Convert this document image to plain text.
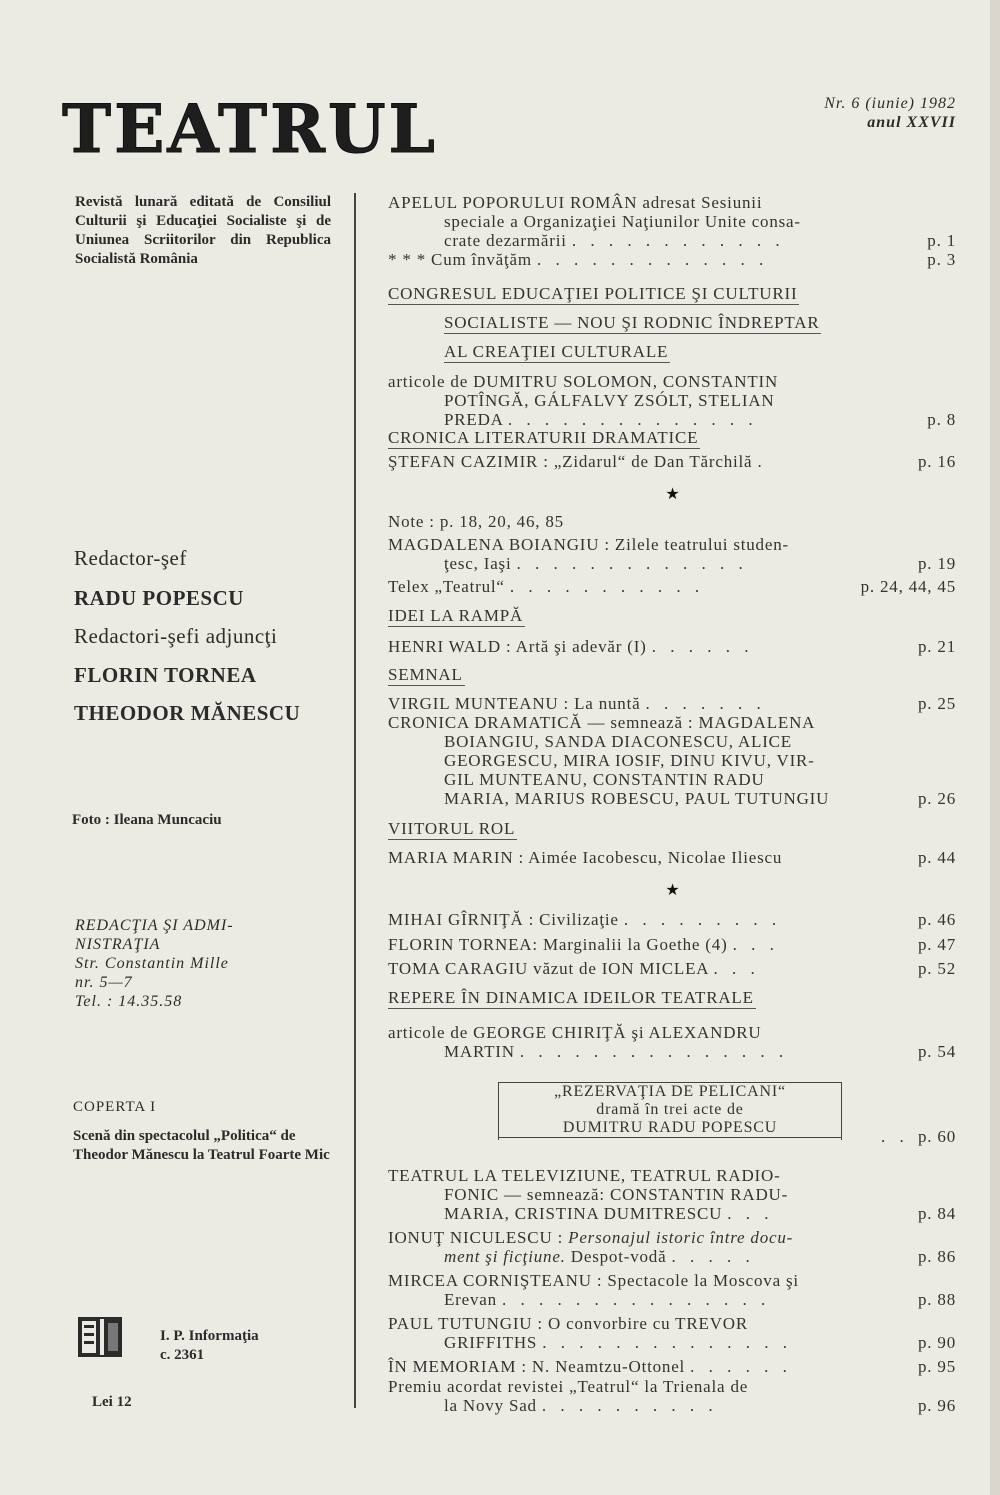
TEATRUL	Nr. 6 (iunie) 1982
anul XXVII
Revistă lunară editată de Consiliul Culturii şi Educaţiei Socialiste şi de Uniunea Scriitorilor din Republica Socialistă România
Redactor-şef
RADU POPESCU
Redactori-şefi adjuncţi
FLORIN TORNEA
THEODOR MĂNESCU
Foto : Ileana Muncaciu
REDACŢIA ŞI ADMI-
NISTRAŢIA
Str. Constantin Mille
nr. 5—7
Tel. : 14.35.58
COPERTA I
Scenă din spectacolul „Politica“ de Theodor Mănescu la Teatrul Foarte Mic
I. P. Informaţia
c. 2361
Lei 12
APELUL POPORULUI ROMÂN adresat Sesiunii
speciale a Organizaţiei Naţiunilor Unite consa-
crate dezarmării . . . . . . . . . . . .	p. 1
* * * Cum învăţăm . . . . . . . . . . . . .	p. 3
CONGRESUL EDUCAŢIEI POLITICE ŞI CULTURII
SOCIALISTE — NOU ŞI RODNIC ÎNDREPTAR
AL CREAŢIEI CULTURALE
articole de DUMITRU SOLOMON, CONSTANTIN
POTÎNGĂ, GÁLFALVY ZSÓLT, STELIAN
PREDA . . . . . . . . . . . . . .	p. 8
CRONICA LITERATURII DRAMATICE
ŞTEFAN CAZIMIR : „Zidarul“ de Dan Tărchilă .	p. 16
★
Note : p. 18, 20, 46, 85
MAGDALENA BOIANGIU : Zilele teatrului studen-
ţesc, Iaşi . . . . . . . . . . . . .	p. 19
Telex „Teatrul“ . . . . . . . . . . .	p. 24, 44, 45
IDEI LA RAMPĂ
HENRI WALD : Artă şi adevăr (I) . . . . . .	p. 21
SEMNAL
VIRGIL MUNTEANU : La nuntă . . . . . . .	p. 25
CRONICA DRAMATICĂ — semnează : MAGDALENA
BOIANGIU, SANDA DIACONESCU, ALICE
GEORGESCU, MIRA IOSIF, DINU KIVU, VIR-
GIL MUNTEANU, CONSTANTIN RADU
MARIA, MARIUS ROBESCU, PAUL TUTUNGIU	p. 26
VIITORUL ROL
MARIA MARIN : Aimée Iacobescu, Nicolae Iliescu	p. 44
★
MIHAI GÎRNIŢĂ : Civilizaţie . . . . . . . . .	p. 46
FLORIN TORNEA: Marginalii la Goethe (4) . . .	p. 47
TOMA CARAGIU văzut de ION MICLEA . . .	p. 52
REPERE ÎN DINAMICA IDEILOR TEATRALE
articole de GEORGE CHIRIŢĂ şi ALEXANDRU
MARTIN . . . . . . . . . . . . . . .	p. 54
„REZERVAŢIA DE PELICANI“
dramă în trei acte de
DUMITRU RADU POPESCU	. . p. 60
TEATRUL LA TELEVIZIUNE, TEATRUL RADIO-
FONIC — semnează: CONSTANTIN RADU-
MARIA, CRISTINA DUMITRESCU . . .	p. 84
IONUŢ NICULESCU : Personajul istoric între docu-
ment şi ficţiune. Despot-vodă . . . . .	p. 86
MIRCEA CORNIŞTEANU : Spectacole la Moscova şi
Erevan . . . . . . . . . . . . . . .	p. 88
PAUL TUTUNGIU : O convorbire cu TREVOR
GRIFFITHS . . . . . . . . . . . . . .	p. 90
ÎN MEMORIAM : N. Neamtzu-Ottonel . . . . . .	p. 95
Premiu acordat revistei „Teatrul“ la Trienala de
la Novy Sad . . . . . . . . . .	p. 96
